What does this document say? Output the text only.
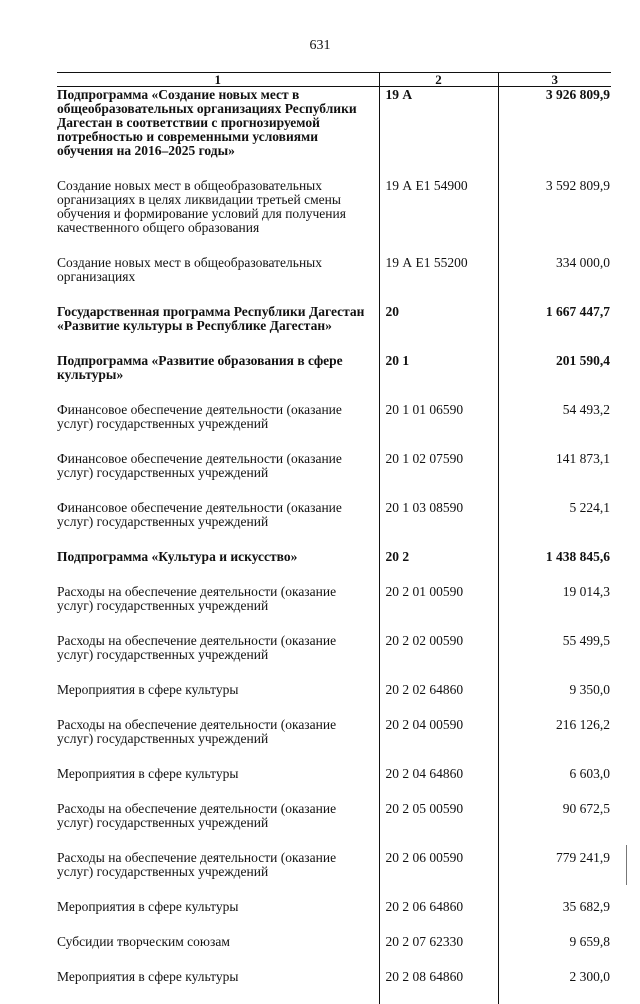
631
1	2	3

Подпрограмма «Создание новых мест в общеобразовательных организациях Республики Дагестан в соответствии с прогнозируемой потребностью и современными условиями обучения на 2016–2025 годы»	19 А	3 926 809,9

Создание новых мест в общеобразовательных организациях в целях ликвидации третьей смены обучения и формирование условий для получения качественного общего образования	19 А Е1 54900	3 592 809,9

Создание новых мест в общеобразовательных организациях	19 А Е1 55200	334 000,0

Государственная программа Республики Дагестан «Развитие культуры в Республике Дагестан»	20	1 667 447,7

Подпрограмма «Развитие образования в сфере культуры»	20 1	201 590,4

Финансовое обеспечение деятельности (оказание услуг) государственных учреждений	20 1 01 06590	54 493,2

Финансовое обеспечение деятельности (оказание услуг) государственных учреждений	20 1 02 07590	141 873,1

Финансовое обеспечение деятельности (оказание услуг) государственных учреждений	20 1 03 08590	5 224,1

Подпрограмма «Культура и искусство»	20 2	1 438 845,6

Расходы на обеспечение деятельности (оказание услуг) государственных учреждений	20 2 01 00590	19 014,3

Расходы на обеспечение деятельности (оказание услуг) государственных учреждений	20 2 02 00590	55 499,5

Мероприятия в сфере культуры	20 2 02 64860	9 350,0

Расходы на обеспечение деятельности (оказание услуг) государственных учреждений	20 2 04 00590	216 126,2

Мероприятия в сфере культуры	20 2 04 64860	6 603,0

Расходы на обеспечение деятельности (оказание услуг) государственных учреждений	20 2 05 00590	90 672,5

Расходы на обеспечение деятельности (оказание услуг) государственных учреждений	20 2 06 00590	779 241,9

Мероприятия в сфере культуры	20 2 06 64860	35 682,9

Субсидии творческим союзам	20 2 07 62330	9 659,8

Мероприятия в сфере культуры	20 2 08 64860	2 300,0
